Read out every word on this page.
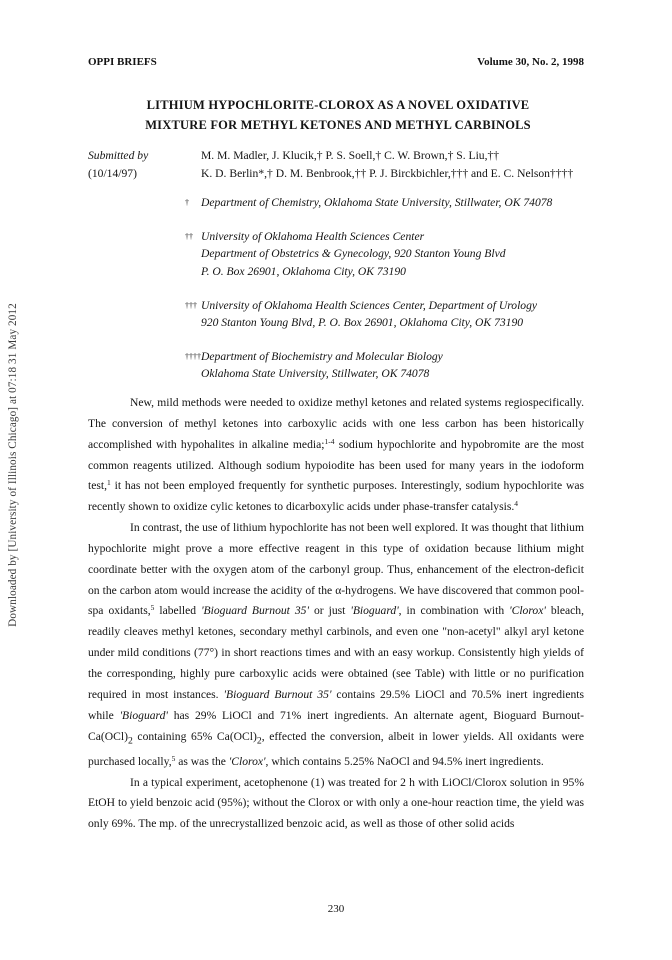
Downloaded by [University of Illinois Chicago] at 07:18 31 May 2012
OPPI BRIEFS	Volume 30, No. 2, 1998
LITHIUM HYPOCHLORITE-CLOROX AS A NOVEL OXIDATIVE
MIXTURE FOR METHYL KETONES AND METHYL CARBINOLS
Submitted by
(10/14/97)
M. M. Madler, J. Klucik,† P. S. Soell,† C. W. Brown,† S. Liu,††
K. D. Berlin*,† D. M. Benbrook,†† P. J. Birckbichler,††† and E. C. Nelson††††
† Department of Chemistry, Oklahoma State University, Stillwater, OK 74078
†† University of Oklahoma Health Sciences Center
Department of Obstetrics & Gynecology, 920 Stanton Young Blvd
P. O. Box 26901, Oklahoma City, OK 73190
††† University of Oklahoma Health Sciences Center, Department of Urology
920 Stanton Young Blvd, P. O. Box 26901, Oklahoma City, OK 73190
†††† Department of Biochemistry and Molecular Biology
Oklahoma State University, Stillwater, OK 74078

New, mild methods were needed to oxidize methyl ketones and related systems regiospecifically. The conversion of methyl ketones into carboxylic acids with one less carbon has been historically accomplished with hypohalites in alkaline media;$^{1-4}$ sodium hypochlorite and hypobromite are the most common reagents utilized. Although sodium hypoiodite has been used for many years in the iodoform test,$^1$ it has not been employed frequently for synthetic purposes. Interestingly, sodium hypochlorite was recently shown to oxidize cylic ketones to dicarboxylic acids under phase-transfer catalysis.$^4$

In contrast, the use of lithium hypochlorite has not been well explored. It was thought that lithium hypochlorite might prove a more effective reagent in this type of oxidation because lithium might coordinate better with the oxygen atom of the carbonyl group. Thus, enhancement of the electron-deficit on the carbon atom would increase the acidity of the α-hydrogens. We have discovered that common pool-spa oxidants,$^5$ labelled 'Bioguard Burnout 35' or just 'Bioguard', in combination with 'Clorox' bleach, readily cleaves methyl ketones, secondary methyl carbinols, and even one "non-acetyl" alkyl aryl ketone under mild conditions (77°) in short reactions times and with an easy workup. Consistently high yields of the corresponding, highly pure carboxylic acids were obtained (see Table) with little or no purification required in most instances. 'Bioguard Burnout 35' contains 29.5% LiOCl and 70.5% inert ingredients while 'Bioguard' has 29% LiOCl and 71% inert ingredients. An alternate agent, Bioguard Burnout-$Ca(OCl)_2$ containing 65% $Ca(OCl)_2$, effected the conversion, albeit in lower yields. All oxidants were purchased locally,$^5$ as was the 'Clorox', which contains 5.25% NaOCl and 94.5% inert ingredients.

In a typical experiment, acetophenone (1) was treated for 2 h with LiOCl/Clorox solution in 95% EtOH to yield benzoic acid (95%); without the Clorox or with only a one-hour reaction time, the yield was only 69%. The mp. of the unrecrystallized benzoic acid, as well as those of other solid acids

230
